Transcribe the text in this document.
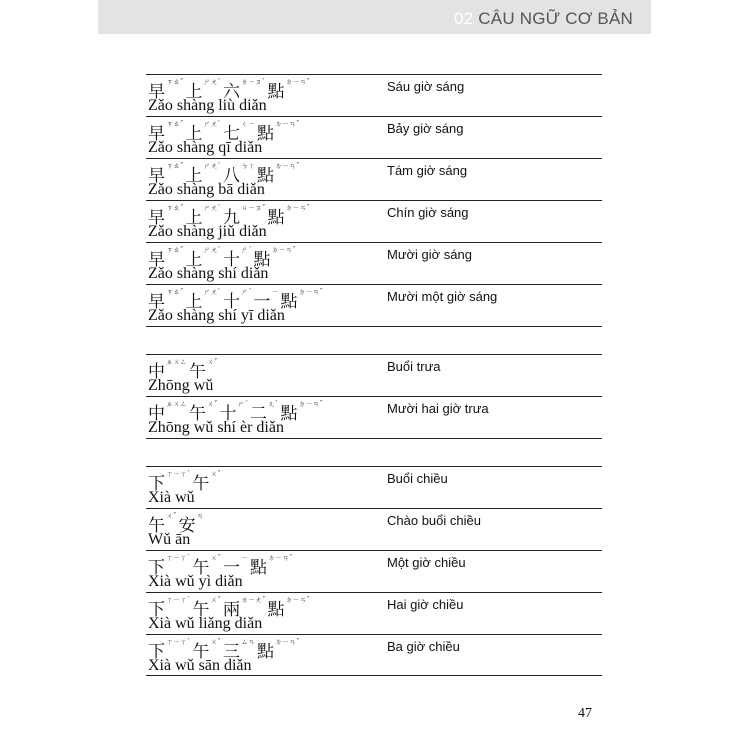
02 CÂU NGỮ CƠ BẢN
早$^{ㄗㄠˇ}$ 上$^{ㄕㄤˋ}$ 六$^{ㄌㄧㄡˋ}$ 點$^{ㄉㄧㄢˇ}$
Zǎo shàng liù diǎn
Sáu giờ sáng
早$^{ㄗㄠˇ}$ 上$^{ㄕㄤˋ}$ 七$^{ㄑㄧ}$ 點$^{ㄉㄧㄢˇ}$
Zǎo shàng qī diǎn
Bảy giờ sáng
早$^{ㄗㄠˇ}$ 上$^{ㄕㄤˋ}$ 八$^{ㄅㄚ}$ 點$^{ㄉㄧㄢˇ}$
Zǎo shàng bā diǎn
Tám giờ sáng
早$^{ㄗㄠˇ}$ 上$^{ㄕㄤˋ}$ 九$^{ㄐㄧㄡˇ}$ 點$^{ㄉㄧㄢˇ}$
Zǎo shàng jiǔ diǎn
Chín giờ sáng
早$^{ㄗㄠˇ}$ 上$^{ㄕㄤˋ}$ 十$^{ㄕˊ}$ 點$^{ㄉㄧㄢˇ}$
Zǎo shàng shí diǎn
Mười giờ sáng
早$^{ㄗㄠˇ}$ 上$^{ㄕㄤˋ}$ 十$^{ㄕˊ}$ 一$^ㄧ$ 點$^{ㄉㄧㄢˇ}$
Zǎo shàng shí yī diǎn
Mười một giờ sáng
中$^{ㄓㄨㄥ}$ 午$^{ㄨˇ}$
Zhōng wǔ
Buổi trưa
中$^{ㄓㄨㄥ}$ 午$^{ㄨˇ}$ 十$^{ㄕˊ}$ 二$^{ㄦˋ}$ 點$^{ㄉㄧㄢˇ}$
Zhōng wǔ shí èr diǎn
Mười hai giờ trưa
下$^{ㄒㄧㄚˋ}$ 午$^{ㄨˇ}$
Xià wǔ
Buổi chiều
午$^{ㄨˇ}$ 安$^ㄢ$
Wǔ ān
Chào buổi chiều
下$^{ㄒㄧㄚˋ}$ 午$^{ㄨˇ}$ 一$^ㄧ$ 點$^{ㄉㄧㄢˇ}$
Xià wǔ yì diǎn
Một giờ chiều
下$^{ㄒㄧㄚˋ}$ 午$^{ㄨˇ}$ 兩$^{ㄌㄧㄤˇ}$ 點$^{ㄉㄧㄢˇ}$
Xià wǔ liǎng diǎn
Hai giờ chiều
下$^{ㄒㄧㄚˋ}$ 午$^{ㄨˇ}$ 三$^{ㄙㄢ}$ 點$^{ㄉㄧㄢˇ}$
Xià wǔ sān diǎn
Ba giờ chiều
47
